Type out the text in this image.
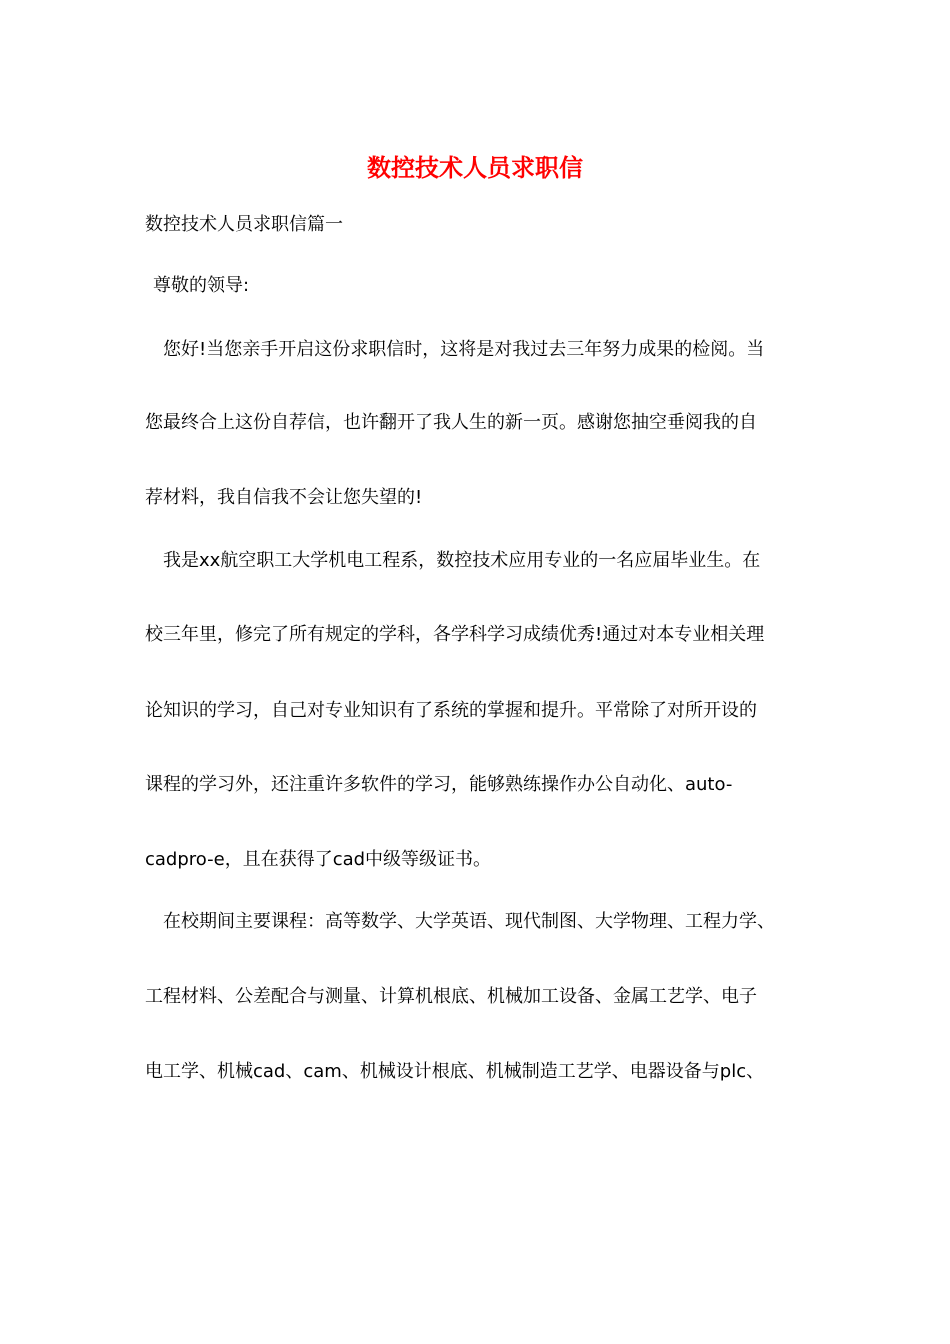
数控技术人员求职信

数控技术人员求职信篇一

尊敬的领导:

您好!当您亲手开启这份求职信时，这将是对我过去三年努力成果的检阅。当

您最终合上这份自荐信，也许翻开了我人生的新一页。感谢您抽空垂阅我的自

荐材料，我自信我不会让您失望的!

我是xx航空职工大学机电工程系，数控技术应用专业的一名应届毕业生。在

校三年里，修完了所有规定的学科，各学科学习成绩优秀!通过对本专业相关理

论知识的学习，自己对专业知识有了系统的掌握和提升。平常除了对所开设的

课程的学习外，还注重许多软件的学习，能够熟练操作办公自动化、auto-

cadpro-e，且在获得了cad中级等级证书。

在校期间主要课程：高等数学、大学英语、现代制图、大学物理、工程力学、

工程材料、公差配合与测量、计算机根底、机械加工设备、金属工艺学、电子

电工学、机械cad、cam、机械设计根底、机械制造工艺学、电器设备与plc、
